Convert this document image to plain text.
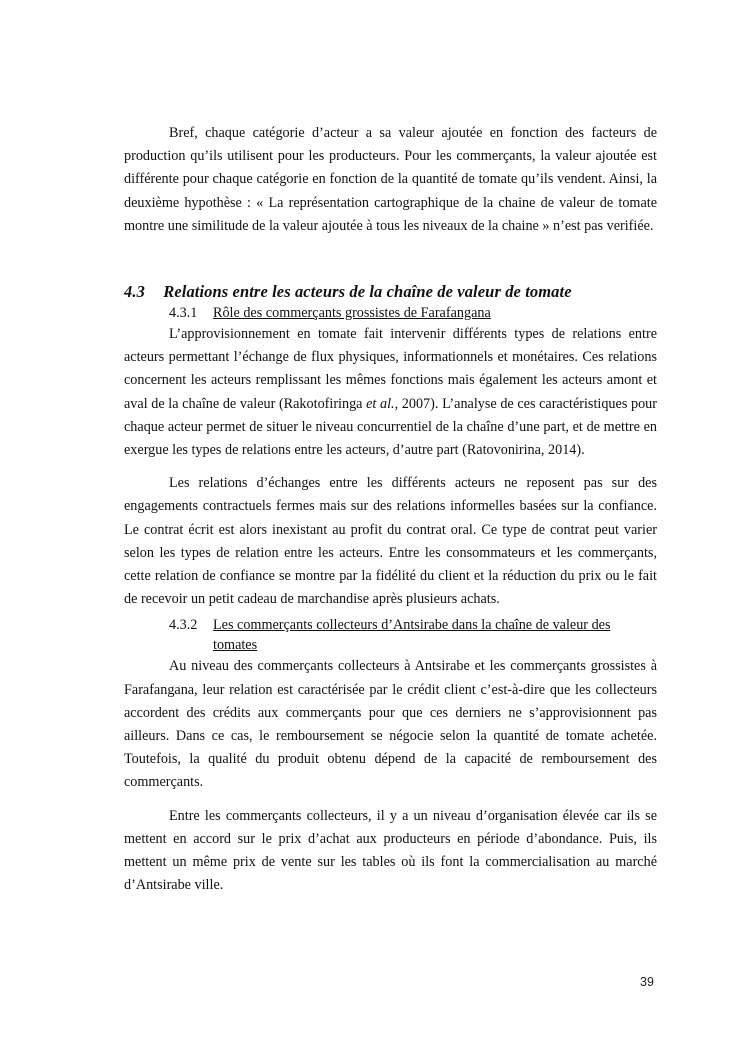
Bref, chaque catégorie d’acteur a sa valeur ajoutée en fonction des facteurs de production qu’ils utilisent pour les producteurs. Pour les commerçants, la valeur ajoutée est différente pour chaque catégorie en fonction de la quantité de tomate qu’ils vendent. Ainsi, la deuxième hypothèse : « La représentation cartographique de la chaine de valeur de tomate montre une similitude de la valeur ajoutée à tous les niveaux de la chaine » n’est pas verifiée.

4.3 Relations entre les acteurs de la chaîne de valeur de tomate
4.3.1	Rôle des commerçants grossistes de Farafangana

L’approvisionnement en tomate fait intervenir différents types de relations entre acteurs permettant l’échange de flux physiques, informationnels et monétaires. Ces relations concernent les acteurs remplissant les mêmes fonctions mais également les acteurs amont et aval de la chaîne de valeur (Rakotofiringa et al., 2007). L’analyse de ces caractéristiques pour chaque acteur permet de situer le niveau concurrentiel de la chaîne d’une part, et de mettre en exergue les types de relations entre les acteurs, d’autre part (Ratovonirina, 2014).

Les relations d’échanges entre les différents acteurs ne reposent pas sur des engagements contractuels fermes mais sur des relations informelles basées sur la confiance. Le contrat écrit est alors inexistant au profit du contrat oral. Ce type de contrat peut varier selon les types de relation entre les acteurs. Entre les consommateurs et les commerçants, cette relation de confiance se montre par la fidélité du client et la réduction du prix ou le fait de recevoir un petit cadeau de marchandise après plusieurs achats.

4.3.2	Les commerçants collecteurs d’Antsirabe dans la chaîne de valeur des tomates

Au niveau des commerçants collecteurs à Antsirabe et les commerçants grossistes à Farafangana, leur relation est caractérisée par le crédit client c’est-à-dire que les collecteurs accordent des crédits aux commerçants pour que ces derniers ne s’approvisionnent pas ailleurs. Dans ce cas, le remboursement se négocie selon la quantité de tomate achetée. Toutefois, la qualité du produit obtenu dépend de la capacité de remboursement des commerçants.

Entre les commerçants collecteurs, il y a un niveau d’organisation élevée car ils se mettent en accord sur le prix d’achat aux producteurs en période d’abondance. Puis, ils mettent un même prix de vente sur les tables où ils font la commercialisation au marché d’Antsirabe ville.

39
